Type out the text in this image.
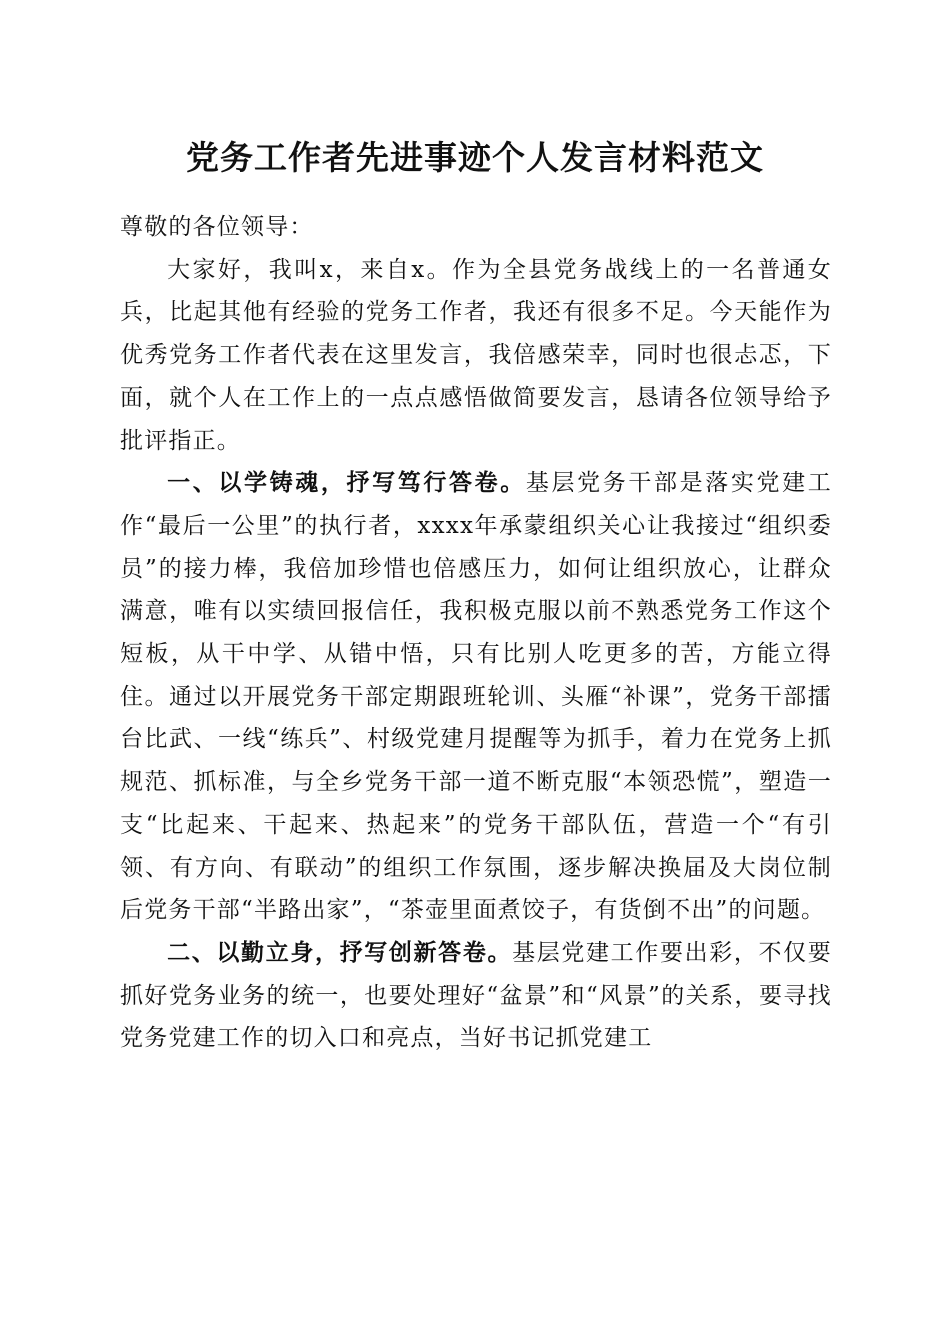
党务工作者先进事迹个人发言材料范文

尊敬的各位领导：

大家好，我叫x，来自x。作为全县党务战线上的一名普通女兵，比起其他有经验的党务工作者，我还有很多不足。今天能作为优秀党务工作者代表在这里发言，我倍感荣幸，同时也很忐忑，下面，就个人在工作上的一点点感悟做简要发言，恳请各位领导给予批评指正。

一、以学铸魂，抒写笃行答卷。基层党务干部是落实党建工作“最后一公里”的执行者，xxxx年承蒙组织关心让我接过“组织委员”的接力棒，我倍加珍惜也倍感压力，如何让组织放心，让群众满意，唯有以实绩回报信任，我积极克服以前不熟悉党务工作这个短板，从干中学、从错中悟，只有比别人吃更多的苦，方能立得住。通过以开展党务干部定期跟班轮训、头雁“补课”，党务干部擂台比武、一线“练兵”、村级党建月提醒等为抓手，着力在党务上抓规范、抓标准，与全乡党务干部一道不断克服“本领恐慌”，塑造一支“比起来、干起来、热起来”的党务干部队伍，营造一个“有引领、有方向、有联动”的组织工作氛围，逐步解决换届及大岗位制后党务干部“半路出家”，“茶壶里面煮饺子，有货倒不出”的问题。

二、以勤立身，抒写创新答卷。基层党建工作要出彩，不仅要抓好党务业务的统一，也要处理好“盆景”和“风景”的关系，要寻找党务党建工作的切入口和亮点，当好书记抓党建工
